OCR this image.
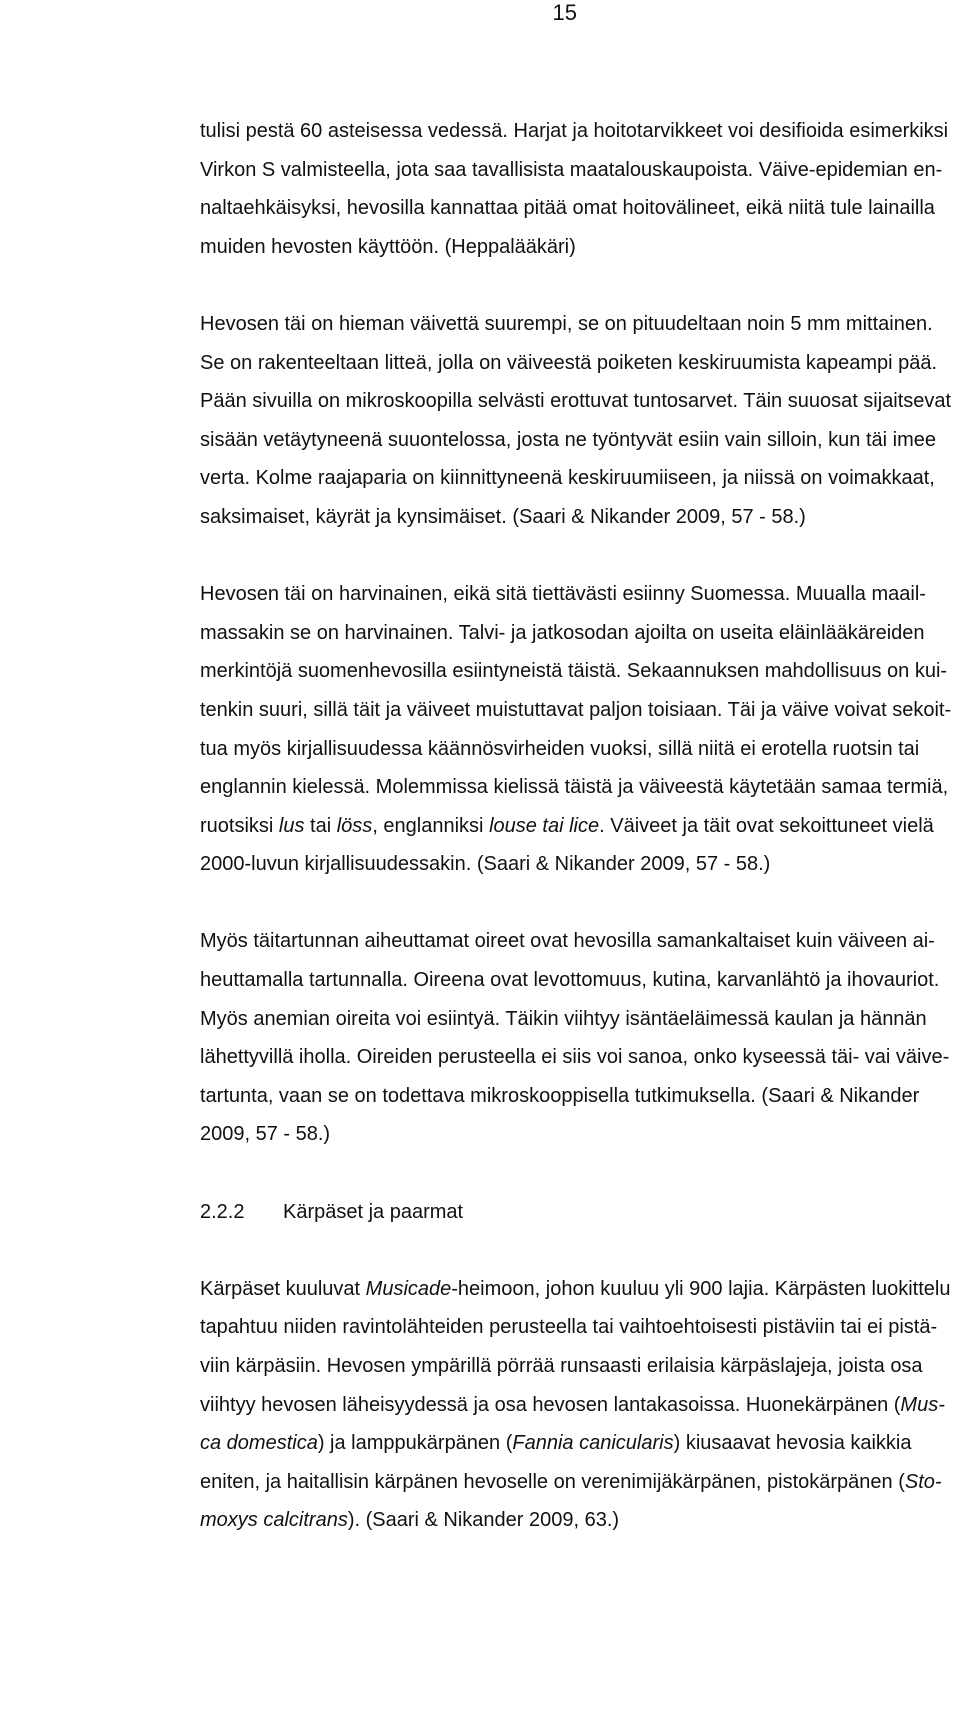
15
tulisi pestä 60 asteisessa vedessä. Harjat ja hoitotarvikkeet voi desifioida esimerkiksi
Virkon S valmisteella, jota saa tavallisista maatalouskaupoista. Väive-epidemian en-
naltaehkäisyksi, hevosilla kannattaa pitää omat hoitovälineet, eikä niitä tule lainailla
muiden hevosten käyttöön. (Heppalääkäri)
Hevosen täi on hieman väivettä suurempi, se on pituudeltaan noin 5 mm mittainen.
Se on rakenteeltaan litteä, jolla on väiveestä poiketen keskiruumista kapeampi pää.
Pään sivuilla on mikroskoopilla selvästi erottuvat tuntosarvet. Täin suuosat sijaitsevat
sisään vetäytyneenä suuontelossa, josta ne työntyvät esiin vain silloin, kun täi imee
verta. Kolme raajaparia on kiinnittyneenä keskiruumiiseen, ja niissä on voimakkaat,
saksimaiset, käyrät ja kynsimäiset. (Saari & Nikander 2009, 57 - 58.)
Hevosen täi on harvinainen, eikä sitä tiettävästi esiinny Suomessa. Muualla maail-
massakin se on harvinainen. Talvi- ja jatkosodan ajoilta on useita eläinlääkäreiden
merkintöjä suomenhevosilla esiintyneistä täistä. Sekaannuksen mahdollisuus on kui-
tenkin suuri, sillä täit ja väiveet muistuttavat paljon toisiaan. Täi ja väive voivat sekoit-
tua myös kirjallisuudessa käännösvirheiden vuoksi, sillä niitä ei erotella ruotsin tai
englannin kielessä. Molemmissa kielissä täistä ja väiveestä käytetään samaa termiä,
ruotsiksi lus tai löss, englanniksi louse tai lice. Väiveet ja täit ovat sekoittuneet vielä
2000-luvun kirjallisuudessakin. (Saari & Nikander 2009, 57 - 58.)
Myös täitartunnan aiheuttamat oireet ovat hevosilla samankaltaiset kuin väiveen ai-
heuttamalla tartunnalla. Oireena ovat levottomuus, kutina, karvanlähtö ja ihovauriot.
Myös anemian oireita voi esiintyä. Täikin viihtyy isäntäeläimessä kaulan ja hännän
lähettyvillä iholla. Oireiden perusteella ei siis voi sanoa, onko kyseessä täi- vai väive-
tartunta, vaan se on todettava mikroskooppisella tutkimuksella. (Saari & Nikander
2009, 57 - 58.)
2.2.2 Kärpäset ja paarmat
Kärpäset kuuluvat Musicade-heimoon, johon kuuluu yli 900 lajia. Kärpästen luokittelu
tapahtuu niiden ravintolähteiden perusteella tai vaihtoehtoisesti pistäviin tai ei pistä-
viin kärpäsiin. Hevosen ympärillä pörrää runsaasti erilaisia kärpäslajeja, joista osa
viihtyy hevosen läheisyydessä ja osa hevosen lantakasoissa. Huonekärpänen (Mus-
ca domestica) ja lamppukärpänen (Fannia canicularis) kiusaavat hevosia kaikkia
eniten, ja haitallisin kärpänen hevoselle on verenimijäkärpänen, pistokärpänen (Sto-
moxys calcitrans). (Saari & Nikander 2009, 63.)
